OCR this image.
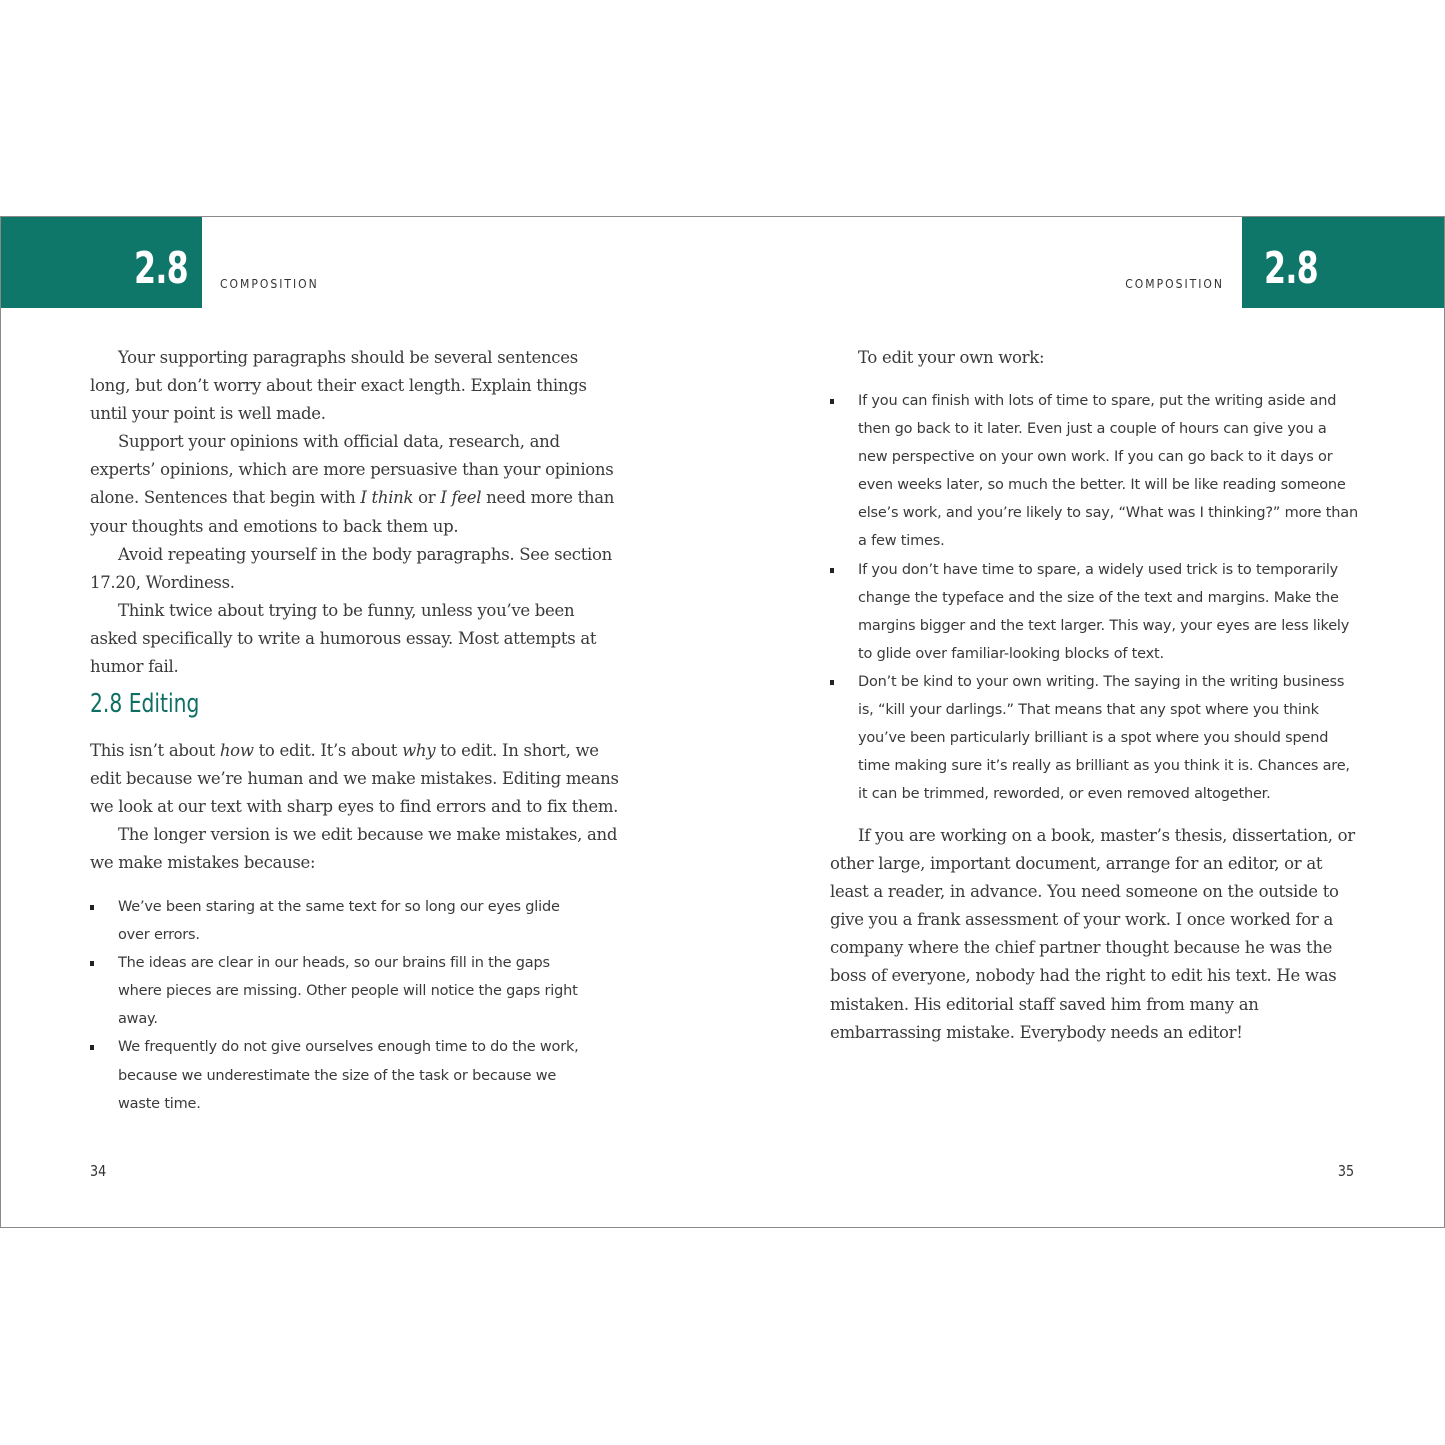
2.8	COMPOSITION	COMPOSITION 2.8

Your supporting paragraphs should be several sentences long, but don’t worry about their exact length. Explain things until your point is well made.

Support your opinions with official data, research, and experts’ opinions, which are more persuasive than your opinions alone. Sentences that begin with I think or I feel need more than your thoughts and emotions to back them up.

Avoid repeating yourself in the body paragraphs. See section 17.20, Wordiness.

Think twice about trying to be funny, unless you’ve been asked specifically to write a humorous essay. Most attempts at humor fail.

2.8 Editing

This isn’t about how to edit. It’s about why to edit. In short, we edit because we’re human and we make mistakes. Editing means we look at our text with sharp eyes to find errors and to fix them.

The longer version is we edit because we make mistakes, and we make mistakes because:

We’ve been staring at the same text for so long our eyes glide over errors.
The ideas are clear in our heads, so our brains fill in the gaps where pieces are missing. Other people will notice the gaps right away.
We frequently do not give ourselves enough time to do the work, because we underestimate the size of the task or because we waste time.

To edit your own work:

If you can finish with lots of time to spare, put the writing aside and then go back to it later. Even just a couple of hours can give you a new perspective on your own work. If you can go back to it days or even weeks later, so much the better. It will be like reading someone else’s work, and you’re likely to say, “What was I thinking?” more than a few times.
If you don’t have time to spare, a widely used trick is to temporarily change the typeface and the size of the text and margins. Make the margins bigger and the text larger. This way, your eyes are less likely to glide over familiar-looking blocks of text.
Don’t be kind to your own writing. The saying in the writing business is, “kill your darlings.” That means that any spot where you think you’ve been particularly brilliant is a spot where you should spend time making sure it’s really as brilliant as you think it is. Chances are, it can be trimmed, reworded, or even removed altogether.

If you are working on a book, master’s thesis, dissertation, or other large, important document, arrange for an editor, or at least a reader, in advance. You need someone on the outside to give you a frank assessment of your work. I once worked for a company where the chief partner thought because he was the boss of everyone, nobody had the right to edit his text. He was mistaken. His editorial staff saved him from many an embarrassing mistake. Everybody needs an editor!

34	35
